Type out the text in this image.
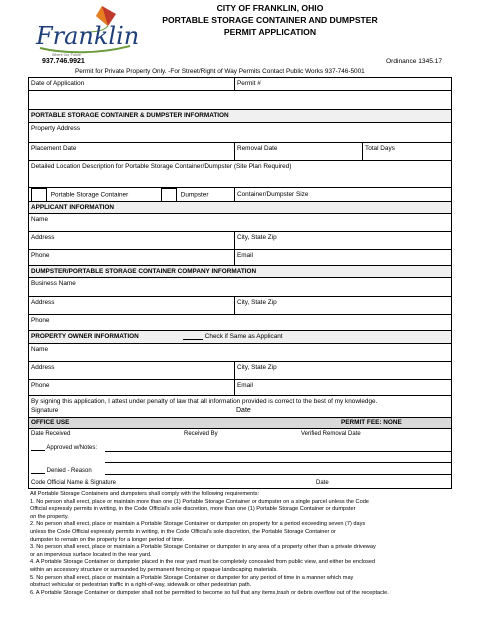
Franklin
Where Our Future
937.746.9921
CITY OF FRANKLIN, OHIO
PORTABLE STORAGE CONTAINER AND DUMPSTER
PERMIT APPLICATION
Ordinance 1345.17
Permit for Private Property Only. -For Street/Right of Way Permits Contact Public Works 937-746-5001
Date of Application	Permit #
PORTABLE STORAGE CONTAINER & DUMPSTER INFORMATION
Property Address
Placement Date	Removal Date	Total Days
Detailed Location Description for Portable Storage Container/Dumpster (Site Plan Required)
Portable Storage Container	Dumpster	Container/Dumpster Size
APPLICANT INFORMATION
Name
Address	City, State Zip
Phone	Email
DUMPSTER/PORTABLE STORAGE CONTAINER COMPANY INFORMATION
Business Name
Address	City, State Zip
Phone
PROPERTY OWNER INFORMATION	Check if Same as Applicant
Name
Address	City, State Zip
Phone	Email
By signing this application, I attest under penalty of law that all information provided is correct to the best of my knowledge.
Signature	Date
OFFICE USE	PERMIT FEE: NONE
Date Received	Received By	Verified Removal Date
Approved w/Notes:
Denied - Reason
Code Official Name & Signature	Date

All Portable Storage Containers and dumpsters shall comply with the following requirements:

1. No person shall erect, place or maintain more than one (1) Portable Storage Container or dumpster on a single parcel unless the Code

Official expressly permits in writing, in the Code Official's sole discretion, more than one (1) Portable Storage Container or dumpster

on the property.

2. No person shall erect, place or maintain a Portable Storage Container or dumpster on property for a period exceeding seven (7) days

unless the Code Official expressly permits in writing, in the Code Official's sole discretion, the Portable Storage Container or

dumpster to remain on the property for a longer period of time.

3. No person shall erect, place or maintain a Portable Storage Container or dumpster in any area of a property other than a private driveway

or an impervious surface located in the rear yard.

4. A Portable Storage Container or dumpster placed in the rear yard must be completely concealed from public view, and either be enclosed

within an accessory structure or surrounded by permanent fencing or opaque landscaping materials.

5. No person shall erect, place or maintain a Portable Storage Container or dumpster for any period of time in a manner which may

obstruct vehicular or pedestrian traffic in a right-of-way, sidewalk or other pedestrian path.

6. A Portable Storage Container or dumpster shall not be permitted to become so full that any items,trash or debris overflow out of the receptacle.
